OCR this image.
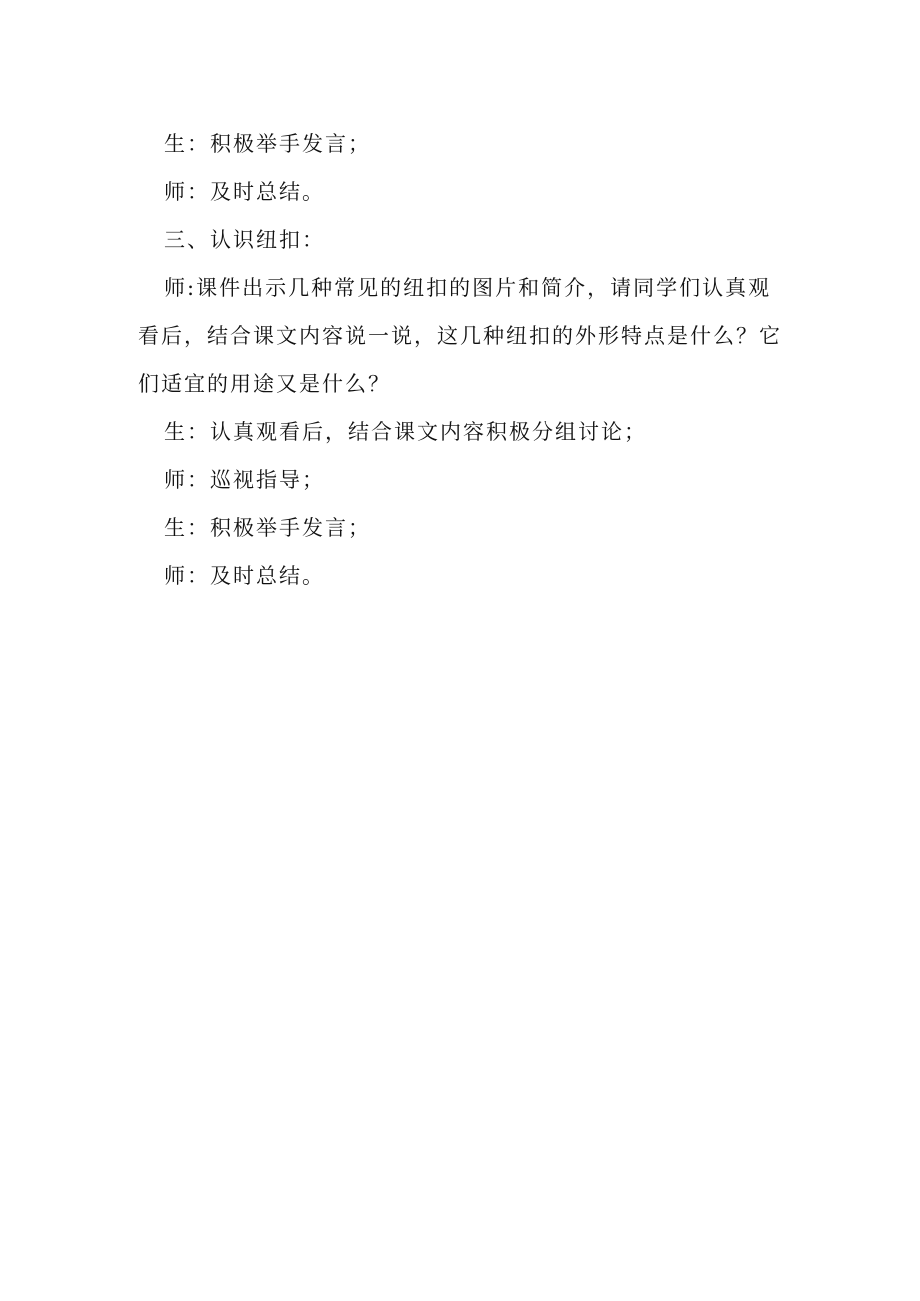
生：积极举手发言；

师：及时总结。

三、认识纽扣：

师:课件出示几种常见的纽扣的图片和简介，请同学们认真观看后，结合课文内容说一说，这几种纽扣的外形特点是什么？它们适宜的用途又是什么？

生：认真观看后，结合课文内容积极分组讨论；

师：巡视指导；

生：积极举手发言；

师：及时总结。
